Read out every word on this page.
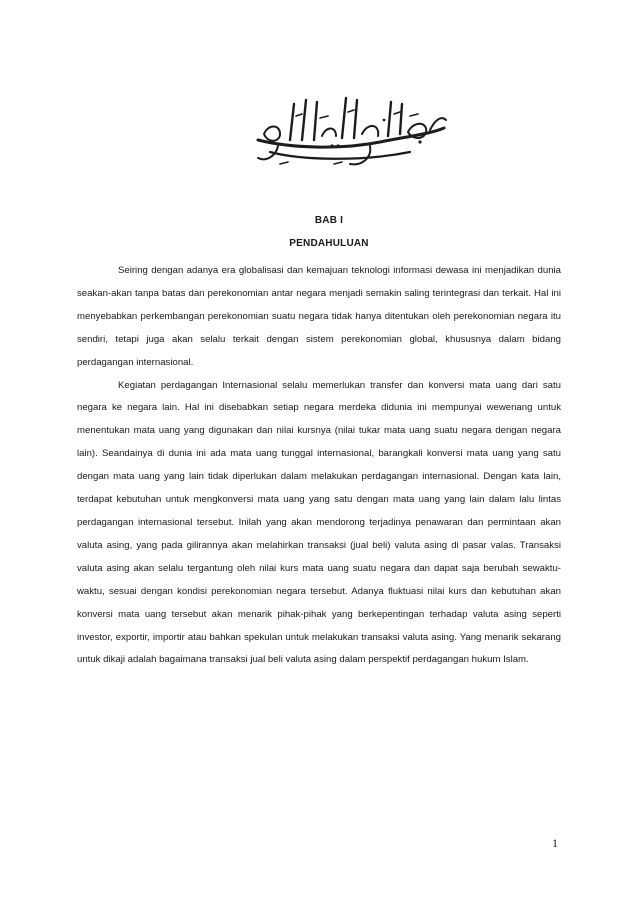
BAB I
PENDAHULUAN

Seiring dengan adanya era globalisasi dan kemajuan teknologi informasi dewasa ini menjadikan dunia seakan-akan tanpa batas dan perekonomian antar negara menjadi semakin saling terintegrasi dan terkait. Hal ini menyebabkan perkembangan perekonomian suatu negara tidak hanya ditentukan oleh perekonomian negara itu sendiri, tetapi juga akan selalu terkait dengan sistem perekonomian global, khususnya dalam bidang perdagangan internasional.

Kegiatan perdagangan Internasional selalu memerlukan transfer dan konversi mata uang dari satu negara ke negara lain. Hal ini disebabkan setiap negara merdeka didunia ini mempunyai wewenang untuk menentukan mata uang yang digunakan dan nilai kursnya (nilai tukar mata uang suatu negara dengan negara lain). Seandainya di dunia ini ada mata uang tunggal internasional, barangkali konversi mata uang yang satu dengan mata uang yang lain tidak diperlukan dalam melakukan perdagangan internasional. Dengan kata lain, terdapat kebutuhan untuk mengkonversi mata uang yang satu dengan mata uang yang lain dalam lalu lintas perdagangan internasional tersebut. Inilah yang akan mendorong terjadinya penawaran dan permintaan akan valuta asing, yang pada gilirannya akan melahirkan transaksi (jual beli) valuta asing di pasar valas. Transaksi valuta asing akan selalu tergantung oleh nilai kurs mata uang suatu negara dan dapat saja berubah sewaktu-waktu, sesuai dengan kondisi perekonomian negara tersebut. Adanya fluktuasi nilai kurs dan kebutuhan akan konversi mata uang tersebut akan menarik pihak-pihak yang berkepentingan terhadap valuta asing seperti investor, exportir, importir atau bahkan spekulan untuk melakukan transaksi valuta asing. Yang menarik sekarang untuk dikaji adalah bagaimana transaksi jual beli valuta asing dalam perspektif perdagangan hukum Islam.

1
